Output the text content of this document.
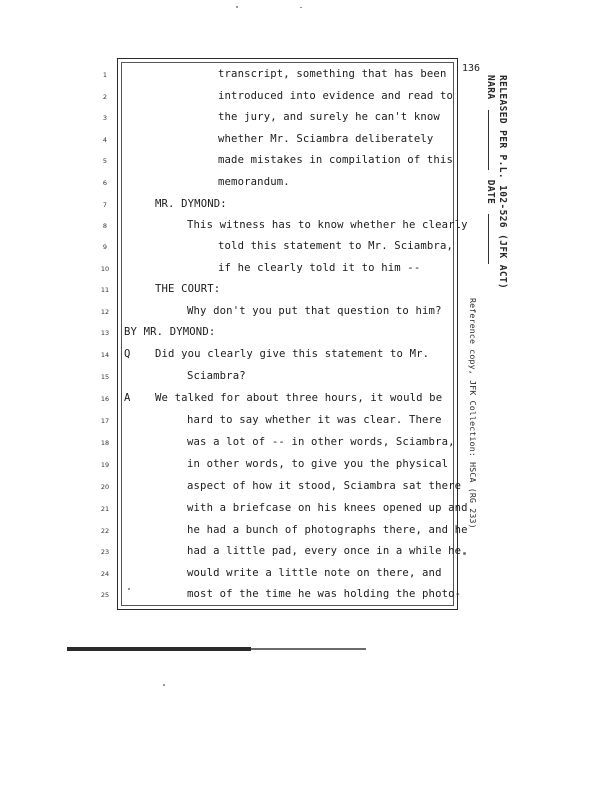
136
RELEASED PER P.L. 102-526 (JFK ACT)
NARA  DATE
Reference copy, JFK Collection: HSCA (RG 233)
1	transcript, something that has been
2	introduced into evidence and read to
3	the jury, and surely he can't know
4	whether Mr. Sciambra deliberately
5	made mistakes in compilation of this
6	memorandum.
7	MR. DYMOND:
8	This witness has to know whether he clearly
9	told this statement to Mr. Sciambra,
10	if he clearly told it to him --
11	THE COURT:
12	Why don't you put that question to him?
13	BY MR. DYMOND:
14	Q Did you clearly give this statement to Mr.
15	Sciambra?
16	A We talked for about three hours, it would be
17	hard to say whether it was clear. There
18	was a lot of -- in other words, Sciambra,
19	in other words, to give you the physical
20	aspect of how it stood, Sciambra sat there
21	with a briefcase on his knees opened up and
22	he had a bunch of photographs there, and he
23	had a little pad, every once in a while he
24	would write a little note on there, and
25	most of the time he was holding the photo-
